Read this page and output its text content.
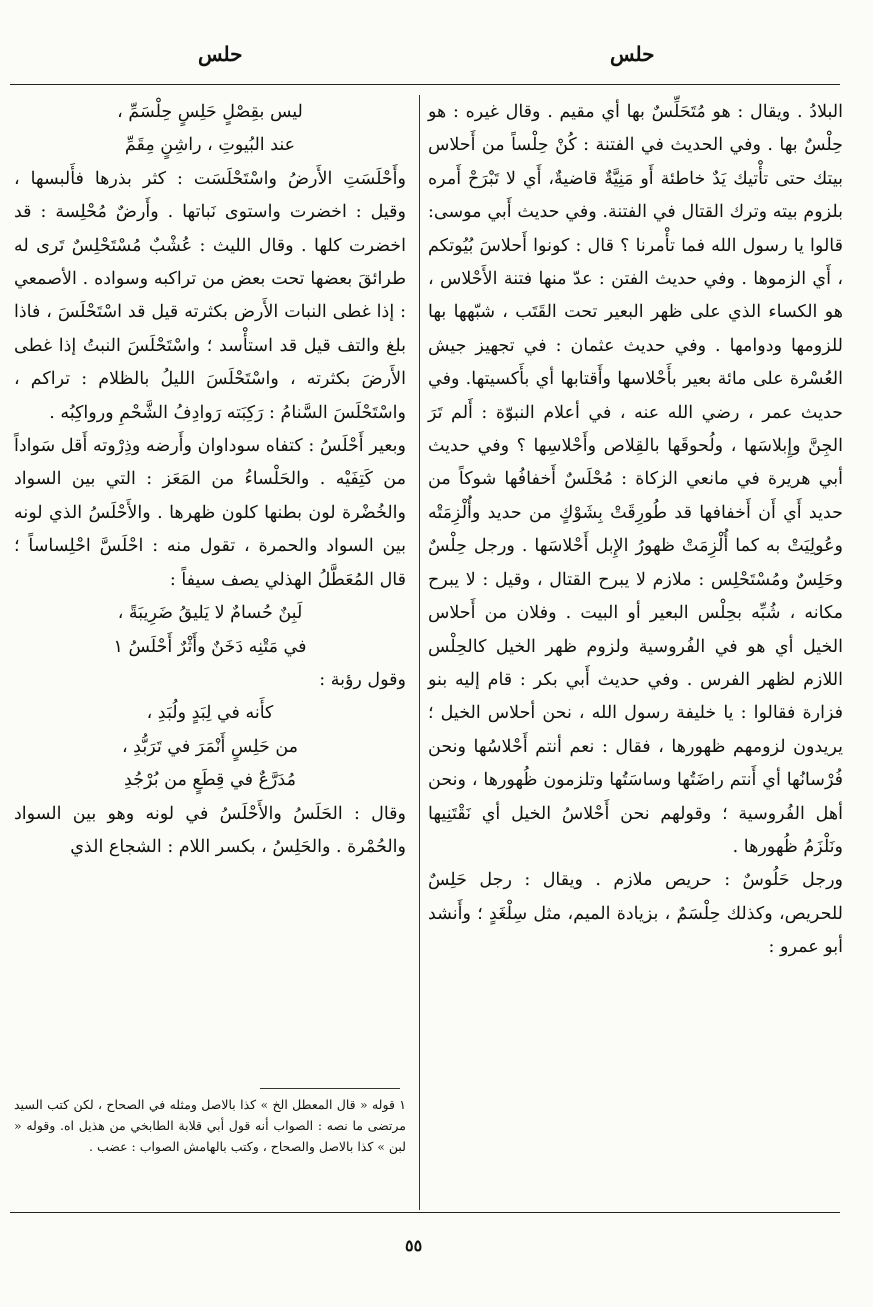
حلس
حلس

البلادُ . ويقال : هو مُتَحَلِّسٌ بها أي مقيم . وقال غيره : هو حِلْسٌ بها . وفي الحديث في الفتنة : كُنْ حِلْساً من أَحلاس بيتك حتى تأْتيك يَدٌ خاطئة أَو مَنِيَّةٌ قاضيةٌ، أَي لا تَبْرَحْ أَمره بلزوم بيته وترك القتال في الفتنة. وفي حديث أَبي موسى: قالوا يا رسول الله فما تأْمرنا ؟ قال : كونوا أَحلاسَ بُيُوتكم ، أَي الزموها . وفي حديث الفتن : عدّ منها فتنة الأَحْلاس ، هو الكساء الذي على ظهر البعير تحت القَتَب ، شبّهها بها للزومها ودوامها . وفي حديث عثمان : في تجهيز جيش العُسْرة على مائة بعير بأَحْلاسها وأَقتابها أي بأَكسيتها. وفي حديث عمر ، رضي الله عنه ، في أعلام النبوّة : أَلم تَرَ الجِنَّ وإِبلاسَها ، ولُحوقَها بالقِلاص وأَحْلاسِها ؟ وفي حديث أبي هريرة في مانعي الزكاة : مُحْلَسٌ أَخفافُها شوكاً من حديد أَي أَن أَخفافها قد طُورِقَتْ بِشَوْكٍ من حديد وأُلْزِمَتْه وعُولِيَتْ به كما أُلْزِمَتْ ظهورُ الإِبل أَحْلاسَها . ورجل حِلْسٌ وحَلِسٌ ومُسْتَحْلِس : ملازم لا يبرح القتال ، وقيل : لا يبرح مكانه ، شُبِّه بحِلْس البعير أو البيت . وفلان من أَحلاس الخيل أي هو في الفُروسية ولزوم ظهر الخيل كالحِلْس اللازم لظهر الفرس . وفي حديث أَبي بكر : قام إليه بنو فزارة فقالوا : يا خليفة رسول الله ، نحن أحلاس الخيل ؛ يريدون لزومهم ظهورها ، فقال : نعم أنتم أَحْلاسُها ونحن فُرْسانُها أي أَنتم راضَتُها وساسَتُها وتلزمون ظُهورها ، ونحن أهل الفُروسية ؛ وقولهم نحن أَحْلاسُ الخيل أي نَقْتَنِيها ونَلْزَمُ ظُهورها .

ورجل حَلُوسٌ : حريص ملازم . ويقال : رجل حَلِسٌ للحريص، وكذلك حِلْسَمٌ ، بزيادة الميم، مثل سِلْغَدٍ ؛ وأَنشد أبو عمرو :

ليس بقِصْلٍ حَلِسٍ حِلْسَمِّ ،
عند البُيوتِ ، راشِنٍ مِقَمِّ

وأَحْلَسَتِ الأَرضُ واسْتَحْلَسَت : كثر بذرها فأَلبسها ، وقيل : اخضرت واستوى نَباتها . وأَرضٌ مُحْلِسة : قد اخضرت كلها . وقال الليث : عُشْبٌ مُسْتَحْلِسٌ تَرى له طرائقَ بعضها تحت بعض من تراكبه وسواده . الأصمعي : إذا غطى النبات الأَرض بكثرته قيل قد اسْتَحْلَسَ ، فاذا بلغ والتف قيل قد استأْسد ؛ واسْتَحْلَسَ النبتُ إذا غطى الأَرضَ بكثرته ، واسْتَحْلَسَ الليلُ بالظلام : تراكم ، واسْتَحْلَسَ السَّنامُ : رَكِبَته رَوادِفُ الشَّحْمِ ورواكِبُه .

وبعير أَحْلَسُ : كتفاه سوداوان وأَرضه وذِرْوته أَقل سَواداً من كَتِفَيْه . والحَلْساءُ من المَعَز : التي بين السواد والخُضْرة لون بطنها كلون ظهرها . والأَحْلَسُ الذي لونه بين السواد والحمرة ، تقول منه : احْلَسَّ احْلِساساً ؛ قال المُعَطَّلُ الهذلي يصف سيفاً :

لَبِنٌ حُسامٌ لا يَليقُ ضَرِيبَةً ،
في مَتْنِه دَخَنٌ وأَثْرٌ أَحْلَسُ ١

وقول رؤبة :

كأَنه في لِبَدٍ ولُبَدِ ،
من حَلِسٍ أَنْمَرَ في تَرَبُّدِ ،
مُدَرَّعٌ في قِطَعٍ من بُرْجُدِ

وقال : الحَلَسُ والأَحْلَسُ في لونه وهو بين السواد والحُمْرة . والحَلِسُ ، بكسر اللام : الشجاع الذي

١ قوله « قال المعطل الخ » كذا بالاصل ومثله في الصحاح ، لكن كتب السيد مرتضى ما نصه : الصواب أنه قول أبي قلابة الطابخي من هذيل اه. وقوله « لبن » كذا بالاصل والصحاح ، وكتب بالهامش الصواب : عضب .
٥٥
